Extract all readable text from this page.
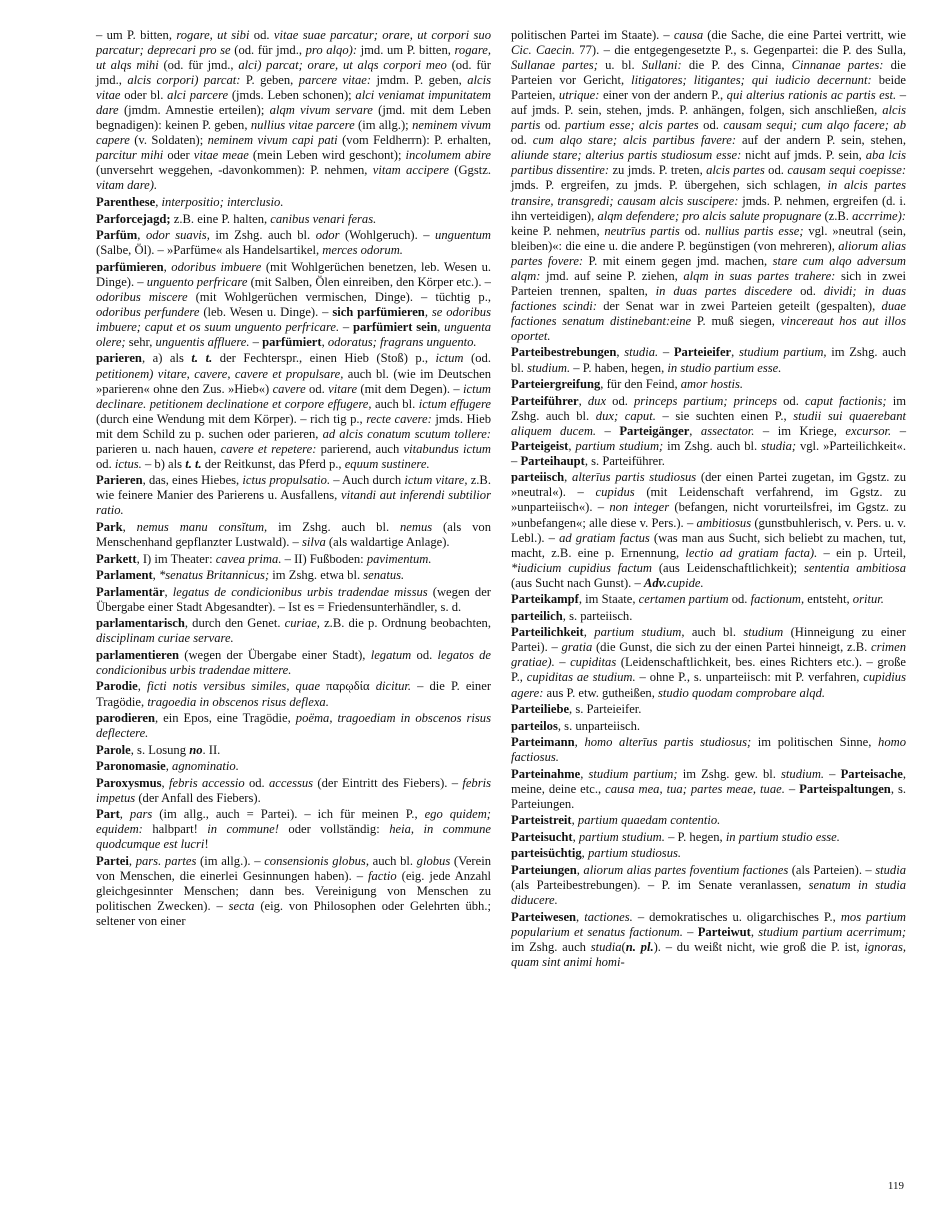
– um P. bitten, rogare, ut sibi od. vitae suae parcatur; orare, ut corpori suo parcatur; deprecari pro se (od. für jmd., pro alqo): jmd. um P. bitten, rogare, ut alqs mihi (od. für jmd., alci) parcat; orare, ut alqs corpori meo (od. für jmd., alcis corpori) parcat: P. geben, parcere vitae: jmdm. P. geben, alcis vitae oder bl. alci parcere (jmds. Leben schonen); alci veniamat impunitatem dare (jmdm. Amnestie erteilen); alqm vivum servare (jmd. mit dem Leben begnadigen): keinen P. geben, nullius vitae parcere (im allg.); neminem vivum capere (v. Soldaten); neminem vivum capi pati (vom Feldherrn): P. erhalten, parcitur mihi oder vitae meae (mein Leben wird geschont); incolumem abire (unversehrt weggehen, -davonkommen): P. nehmen, vitam accipere (Ggstz. vitam dare).

Parenthese, interpositio; interclusio.

Parforcejagd; z.B. eine P. halten, canibus venari feras.

Parfüm, odor suavis, im Zshg. auch bl. odor (Wohlgeruch). – unguentum (Salbe, Öl). – »Parfüme« als Handelsartikel, merces odorum.

parfümieren, odoribus imbuere (mit Wohlgerüchen benetzen, leb. Wesen u. Dinge). – unguento perfricare (mit Salben, Ölen einreiben, den Körper etc.). – odoribus miscere (mit Wohlgerüchen vermischen, Dinge). – tüchtig p., odoribus perfundere (leb. Wesen u. Dinge). – sich parfümieren, se odoribus imbuere; caput et os suum unguento perfricare. – parfümiert sein, unguenta olere; sehr, unguentis affluere. – parfümiert, odoratus; fragrans unguento.

parieren, a) als t. t. der Fechterspr., einen Hieb (Stoß) p., ictum (od. petitionem) vitare, cavere, cavere et propulsare, auch bl. (wie im Deutschen »parieren« ohne den Zus. »Hieb«) cavere od. vitare (mit dem Degen). – ictum declinare. petitionem declinatione et corpore effugere, auch bl. ictum effugere (durch eine Wendung mit dem Körper). – rich tig p., recte cavere: jmds. Hieb mit dem Schild zu p. suchen oder parieren, ad alcis conatum scutum tollere: parieren u. nach hauen, cavere et repetere: parierend, auch vitabundus ictum od. ictus. – b) als t. t. der Reitkunst, das Pferd p., equum sustinere.

Parieren, das, eines Hiebes, ictus propulsatio. – Auch durch ictum vitare, z.B. wie feinere Manier des Parierens u. Ausfallens, vitandi aut inferendi subtilior ratio.

Park, nemus manu consĭtum, im Zshg. auch bl. nemus (als von Menschenhand gepflanzter Lustwald). – silva (als waldartige Anlage).

Parkett, I) im Theater: cavea prima. – II) Fußboden: pavimentum.

Parlament, *senatus Britannicus; im Zshg. etwa bl. senatus.

Parlamentär, legatus de condicionibus urbis tradendae missus (wegen der Übergabe einer Stadt Abgesandter). – Ist es = Friedensunterhändler, s. d.

parlamentarisch, durch den Genet. curiae, z.B. die p. Ordnung beobachten, disciplinam curiae servare.

parlamentieren (wegen der Übergabe einer Stadt), legatum od. legatos de condicionibus urbis tradendae mittere.

Parodie, ficti notis versibus similes, quae παρῳδία dicitur. – die P. einer Tragödie, tragoedia in obscenos risus deflexa.

parodieren, ein Epos, eine Tragödie, poëma, tragoediam in obscenos risus deflectere.

Parole, s. Losung no. II.

Paronomasie, agnominatio.

Paroxysmus, febris accessio od. accessus (der Eintritt des Fiebers). – febris impetus (der Anfall des Fiebers).

Part, pars (im allg., auch = Partei). – ich für meinen P., ego quidem; equidem: halbpart! in commune! oder vollständig: heia, in commune quodcumque est lucri!

Partei, pars. partes (im allg.). – consensionis globus, auch bl. globus (Verein von Menschen, die einerlei Gesinnungen haben). – factio (eig. jede Anzahl gleichgesinnter Menschen; dann bes. Vereinigung von Menschen zu politischen Zwecken). – secta (eig. von Philosophen oder Gelehrten übh.; seltener von einer

politischen Partei im Staate). – causa (die Sache, die eine Partei vertritt, wie Cic. Caecin. 77). – die entgegengesetzte P., s. Gegenpartei: die P. des Sulla, Sullanae partes; u. bl. Sullani: die P. des Cinna, Cinnanae partes: die Parteien vor Gericht, litigatores; litigantes; qui iudicio decernunt: beide Parteien, utrique: einer von der andern P., qui alterius rationis ac partis est. – auf jmds. P. sein, stehen, jmds. P. anhängen, folgen, sich anschließen, alcis partis od. partium esse; alcis partes od. causam sequi; cum alqo facere; ab od. cum alqo stare; alcis partibus favere: auf der andern P. sein, stehen, aliunde stare; alterius partis studiosum esse: nicht auf jmds. P. sein, aba lcis partibus dissentire: zu jmds. P. treten, alcis partes od. causam sequi coepisse: jmds. P. ergreifen, zu jmds. P. übergehen, sich schlagen, in alcis partes transire, transgredi; causam alcis suscipere: jmds. P. nehmen, ergreifen (d. i. ihn verteidigen), alqm defendere; pro alcis salute propugnare (z.B. accrrime): keine P. nehmen, neutrīus partis od. nullius partis esse; vgl. »neutral (sein, bleiben)«: die eine u. die andere P. begünstigen (von mehreren), aliorum alias partes fovere: P. mit einem gegen jmd. machen, stare cum alqo adversum alqm: jmd. auf seine P. ziehen, alqm in suas partes trahere: sich in zwei Parteien trennen, spalten, in duas partes discedere od. dividi; in duas factiones scindi: der Senat war in zwei Parteien geteilt (gespalten), duae factiones senatum distinebant:eine P. muß siegen, vincereaut hos aut illos oportet.

Parteibestrebungen, studia. – Parteieifer, studium partium, im Zshg. auch bl. studium. – P. haben, hegen, in studio partium esse.

Parteiergreifung, für den Feind, amor hostis.

Parteiführer, dux od. princeps partium; princeps od. caput factionis; im Zshg. auch bl. dux; caput. – sie suchten einen P., studii sui quaerebant aliquem ducem. – Parteigänger, assectator. – im Kriege, excursor. – Parteigeist, partium studium; im Zshg. auch bl. studia; vgl. »Parteilichkeit«. – Parteihaupt, s. Parteiführer.

parteiisch, alterīus partis studiosus (der einen Partei zugetan, im Ggstz. zu »neutral«). – cupidus (mit Leidenschaft verfahrend, im Ggstz. zu »unparteiisch«). – non integer (befangen, nicht vorurteilsfrei, im Ggstz. zu »unbefangen«; alle diese v. Pers.). – ambitiosus (gunstbuhlerisch, v. Pers. u. v. Lebl.). – ad gratiam factus (was man aus Sucht, sich beliebt zu machen, tut, macht, z.B. eine p. Ernennung, lectio ad gratiam facta). – ein p. Urteil, *iudicium cupidius factum (aus Leidenschaftlichkeit); sententia ambitiosa (aus Sucht nach Gunst). – Adv.cupide.

Parteikampf, im Staate, certamen partium od. factionum, entsteht, oritur.

parteilich, s. parteiisch.

Parteilichkeit, partium studium, auch bl. studium (Hinneigung zu einer Partei). – gratia (die Gunst, die sich zu der einen Partei hinneigt, z.B. crimen gratiae). – cupiditas (Leidenschaftlichkeit, bes. eines Richters etc.). – große P., cupiditas ae studium. – ohne P., s. unparteiisch: mit P. verfahren, cupidius agere: aus P. etw. gutheißen, studio quodam comprobare alqd.

Parteiliebe, s. Parteieifer.

parteilos, s. unparteiisch.

Parteimann, homo alterīus partis studiosus; im politischen Sinne, homo factiosus.

Parteinahme, studium partium; im Zshg. gew. bl. studium. – Parteisache, meine, deine etc., causa mea, tua; partes meae, tuae. – Parteispaltungen, s. Parteiungen.

Parteistreit, partium quaedam contentio.

Parteisucht, partium studium. – P. hegen, in partium studio esse.

parteisüchtig, partium studiosus.

Parteiungen, aliorum alias partes foventium factiones (als Parteien). – studia (als Parteibestrebungen). – P. im Senate veranlassen, senatum in studia diducere.

Parteiwesen, tactiones. – demokratisches u. oligarchisches P., mos partium popularium et senatus factionum. – Parteiwut, studium partium acerrimum; im Zshg. auch studia(n. pl.). – du weißt nicht, wie groß die P. ist, ignoras, quam sint animi homi-

119
